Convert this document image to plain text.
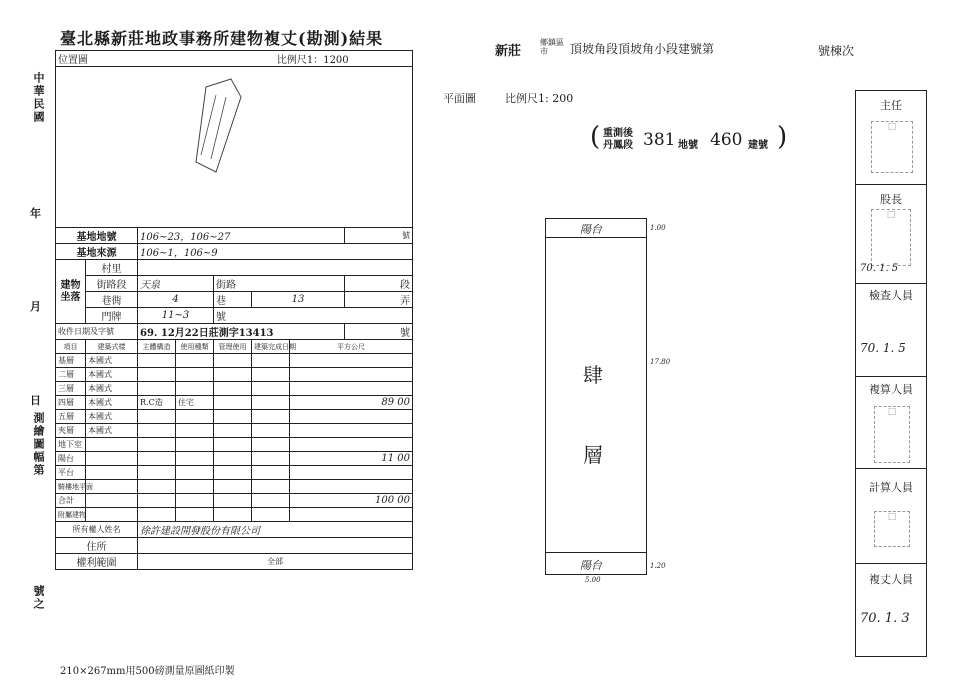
臺北縣新莊地政事務所建物複丈(勘測)結果
新莊
鄉鎮區市	頂坡角段頂坡角小段建號第	號棟次
中華民國
年
月
日
測繪圖幅第
號之
位置圖				比例尺1：1200			

基地地號		106~23，106~27					號
基地來源		106~1，106~9					
建物坐落	村里						
	街路段	天泉		街路			段
	巷衖	4		巷	13		弄
	門牌	11~3		號			
收件日期及字號		69. 12月22日莊測字13413					號
項目	建築式樣	主體構造	使用種類	管理使用	建築完成日期	平方公尺	
基層	本國式						
二層	本國式						
三層	本國式						
四層	本國式	R.C造	住宅			89 00	
五層	本國式						
夾層	本國式						
地下室							
陽台						11 00	
平台							
騎樓地平面							
合計						100 00	
附屬建物							
所有權人姓名		徐許建設開發股份有限公司					
住所							
權利範圍		全部					
210×267mm用500磅測量原圖紙印製
平面圖	比例尺1: 200
( 重測後 丹鳳段 381 地號 460 建號 )
陽台
肆
層
陽台
1.00
17.80
1.20
5.00
主任
□
股長
□
70. 1. 5
檢查人員
70. 1. 5
複算人員
□
計算人員
□
複丈人員
70. 1. 3
